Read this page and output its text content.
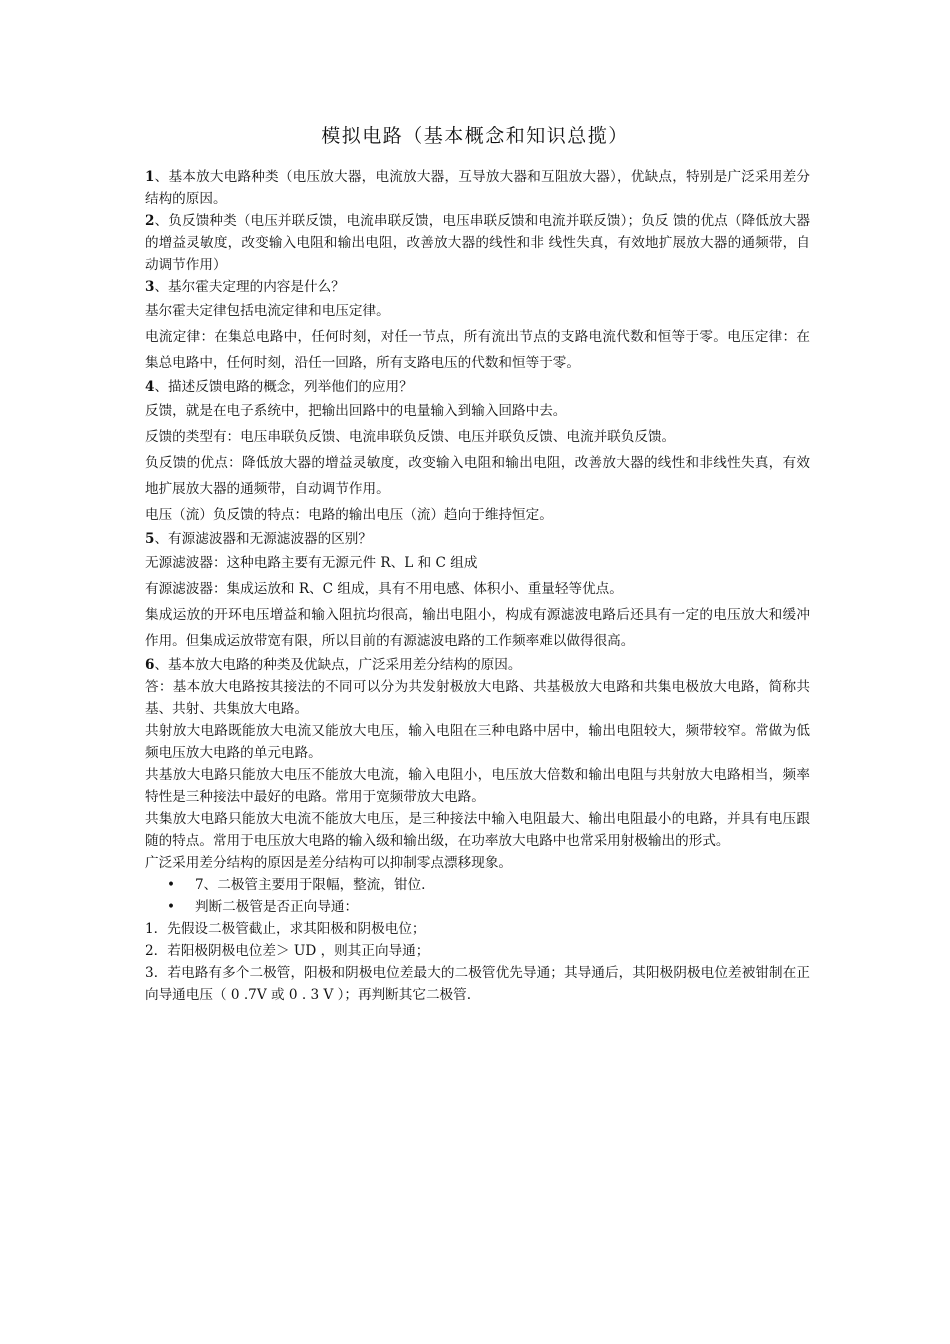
模拟电路（基本概念和知识总揽）

1、基本放大电路种类（电压放大器，电流放大器，互导放大器和互阻放大器），优缺点，特别是广泛采用差分结构的原因。

2、负反馈种类（电压并联反馈，电流串联反馈，电压串联反馈和电流并联反馈）；负反 馈的优点（降低放大器的增益灵敏度，改变输入电阻和输出电阻，改善放大器的线性和非 线性失真，有效地扩展放大器的通频带，自动调节作用）

3、基尔霍夫定理的内容是什么？

基尔霍夫定律包括电流定律和电压定律。

电流定律：在集总电路中，任何时刻，对任一节点，所有流出节点的支路电流代数和恒等于零。电压定律：在集总电路中，任何时刻，沿任一回路，所有支路电压的代数和恒等于零。

4、描述反馈电路的概念，列举他们的应用？

反馈，就是在电子系统中，把输出回路中的电量输入到输入回路中去。

反馈的类型有：电压串联负反馈、电流串联负反馈、电压并联负反馈、电流并联负反馈。

负反馈的优点：降低放大器的增益灵敏度，改变输入电阻和输出电阻，改善放大器的线性和非线性失真，有效地扩展放大器的通频带，自动调节作用。

电压（流）负反馈的特点：电路的输出电压（流）趋向于维持恒定。

5、有源滤波器和无源滤波器的区别？

无源滤波器：这种电路主要有无源元件 R、L 和 C 组成

有源滤波器：集成运放和 R、C 组成，具有不用电感、体积小、重量轻等优点。

集成运放的开环电压增益和输入阻抗均很高，输出电阻小，构成有源滤波电路后还具有一定的电压放大和缓冲作用。但集成运放带宽有限，所以目前的有源滤波电路的工作频率难以做得很高。

6、基本放大电路的种类及优缺点，广泛采用差分结构的原因。

答：基本放大电路按其接法的不同可以分为共发射极放大电路、共基极放大电路和共集电极放大电路，简称共基、共射、共集放大电路。

共射放大电路既能放大电流又能放大电压，输入电阻在三种电路中居中，输出电阻较大，频带较窄。常做为低频电压放大电路的单元电路。

共基放大电路只能放大电压不能放大电流，输入电阻小，电压放大倍数和输出电阻与共射放大电路相当，频率特性是三种接法中最好的电路。常用于宽频带放大电路。

共集放大电路只能放大电流不能放大电压，是三种接法中输入电阻最大、输出电阻最小的电路，并具有电压跟随的特点。常用于电压放大电路的输入级和输出级，在功率放大电路中也常采用射极输出的形式。

广泛采用差分结构的原因是差分结构可以抑制零点漂移现象。

• 7、二极管主要用于限幅，整流，钳位.

• 判断二极管是否正向导通：

1．先假设二极管截止，求其阳极和阴极电位；

2．若阳极阴极电位差＞ UD ，则其正向导通；

3．若电路有多个二极管，阳极和阴极电位差最大的二极管优先导通；其导通后，其阳极阴极电位差被钳制在正向导通电压（ 0 .7V 或 0 . 3 V ）；再判断其它二极管.
